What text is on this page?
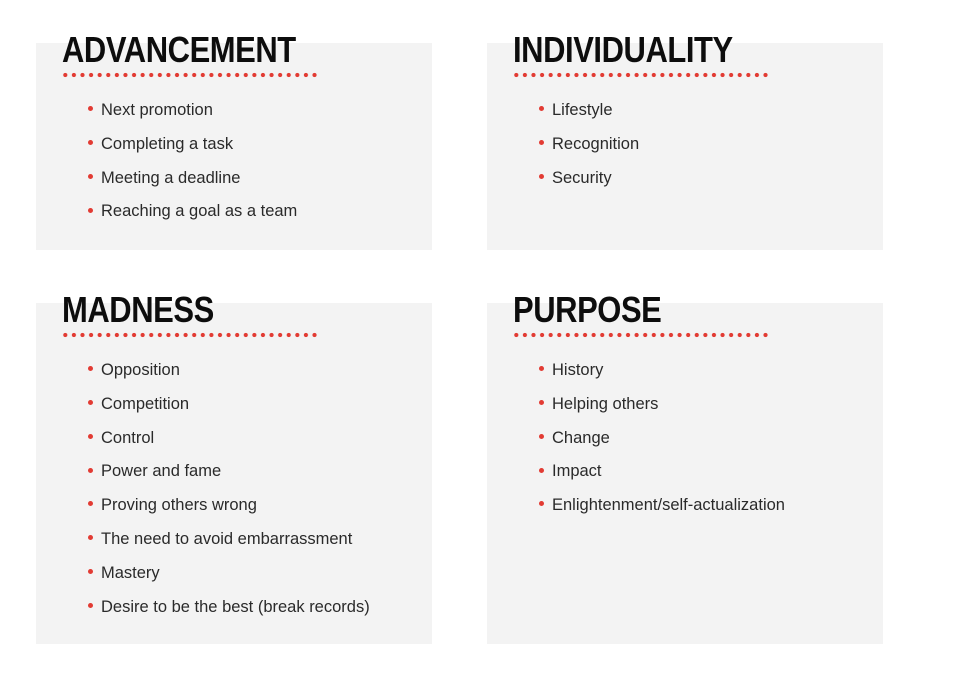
ADVANCEMENT
Next promotion
Completing a task
Meeting a deadline
Reaching a goal as a team
INDIVIDUALITY
Lifestyle
Recognition
Security
MADNESS
Opposition
Competition
Control
Power and fame
Proving others wrong
The need to avoid embarrassment
Mastery
Desire to be the best (break records)
PURPOSE
History
Helping others
Change
Impact
Enlightenment/self-actualization
